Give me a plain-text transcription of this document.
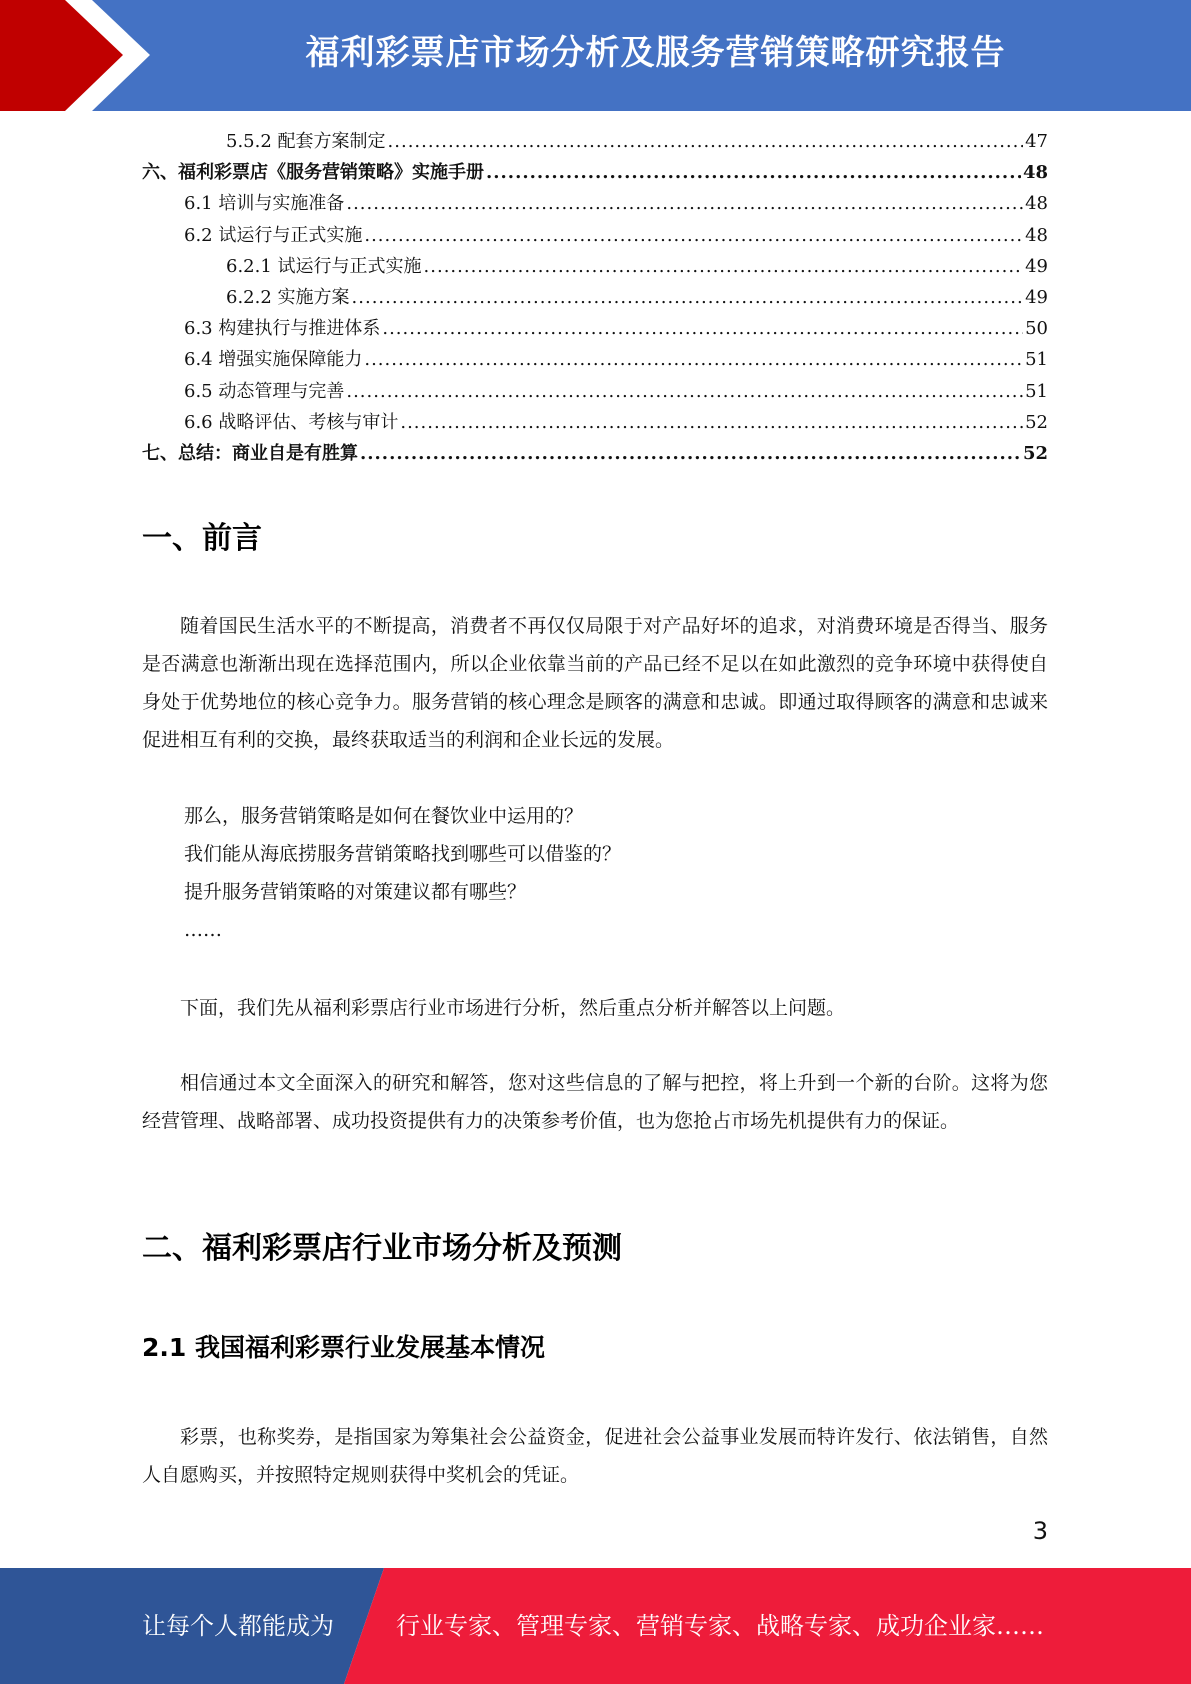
福利彩票店市场分析及服务营销策略研究报告
5.5.2 配套方案制定 .....	47
六、福利彩票店《服务营销策略》实施手册 .....	48
6.1 培训与实施准备 .....	48
6.2 试运行与正式实施 .....	48
6.2.1 试运行与正式实施 .....	49
6.2.2 实施方案 .....	49
6.3 构建执行与推进体系 .....	50
6.4 增强实施保障能力 .....	51
6.5 动态管理与完善 .....	51
6.6 战略评估、考核与审计 .....	52
七、总结：商业自是有胜算 .....	52
一、前言

随着国民生活水平的不断提高，消费者不再仅仅局限于对产品好坏的追求，对消费环境是否得当、服务是否满意也渐渐出现在选择范围内，所以企业依靠当前的产品已经不足以在如此激烈的竞争环境中获得使自身处于优势地位的核心竞争力。服务营销的核心理念是顾客的满意和忠诚。即通过取得顾客的满意和忠诚来促进相互有利的交换，最终获取适当的利润和企业长远的发展。

那么，服务营销策略是如何在餐饮业中运用的？
我们能从海底捞服务营销策略找到哪些可以借鉴的？
提升服务营销策略的对策建议都有哪些？
……

下面，我们先从福利彩票店行业市场进行分析，然后重点分析并解答以上问题。

相信通过本文全面深入的研究和解答，您对这些信息的了解与把控，将上升到一个新的台阶。这将为您经营管理、战略部署、成功投资提供有力的决策参考价值，也为您抢占市场先机提供有力的保证。

二、福利彩票店行业市场分析及预测
2.1 我国福利彩票行业发展基本情况

彩票，也称奖券，是指国家为筹集社会公益资金，促进社会公益事业发展而特许发行、依法销售，自然人自愿购买，并按照特定规则获得中奖机会的凭证。

3
让每个人都能成为	行业专家、管理专家、营销专家、战略专家、成功企业家……
